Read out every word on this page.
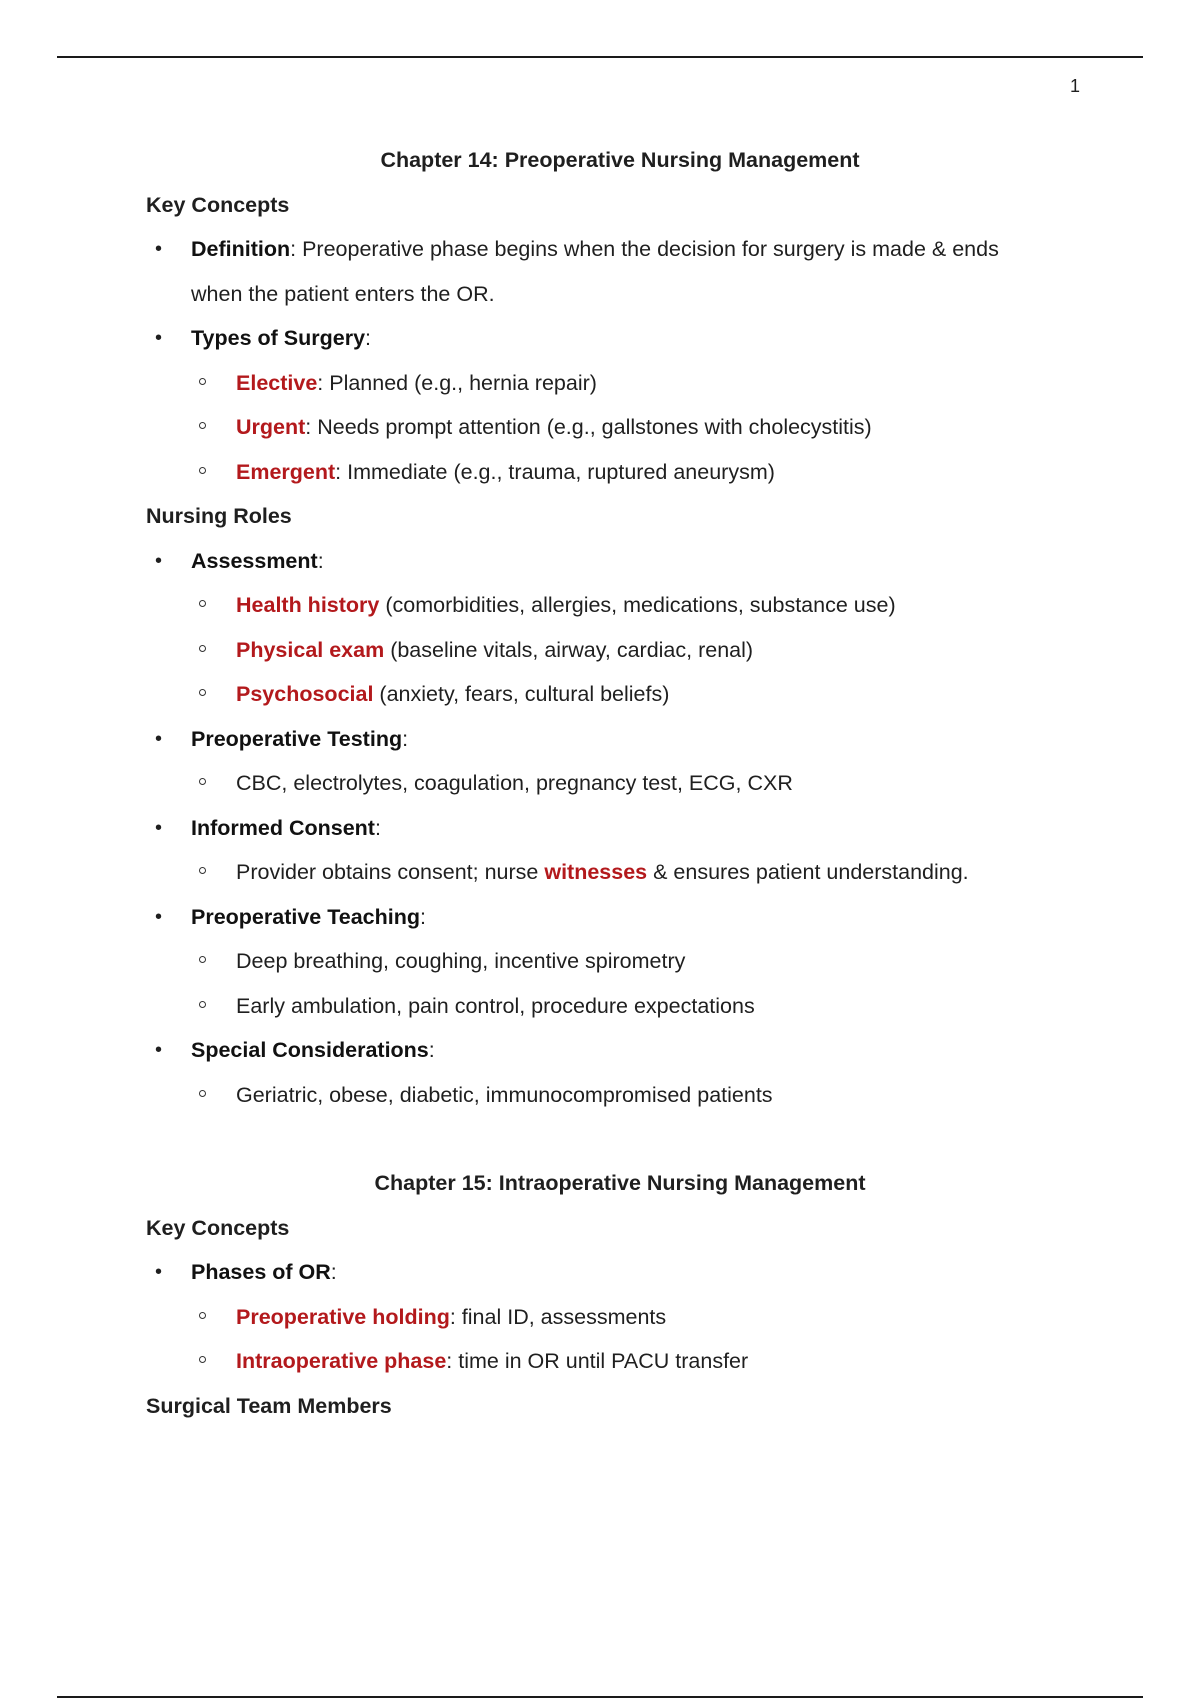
1
Chapter 14: Preoperative Nursing Management
Key Concepts
• Definition: Preoperative phase begins when the decision for surgery is made & ends
when the patient enters the OR.
• Types of Surgery:
Elective: Planned (e.g., hernia repair)
Urgent: Needs prompt attention (e.g., gallstones with cholecystitis)
Emergent: Immediate (e.g., trauma, ruptured aneurysm)
Nursing Roles
• Assessment:
Health history (comorbidities, allergies, medications, substance use)
Physical exam (baseline vitals, airway, cardiac, renal)
Psychosocial (anxiety, fears, cultural beliefs)
• Preoperative Testing:
CBC, electrolytes, coagulation, pregnancy test, ECG, CXR
• Informed Consent:
Provider obtains consent; nurse witnesses & ensures patient understanding.
• Preoperative Teaching:
Deep breathing, coughing, incentive spirometry
Early ambulation, pain control, procedure expectations
• Special Considerations:
Geriatric, obese, diabetic, immunocompromised patients
Chapter 15: Intraoperative Nursing Management
Key Concepts
• Phases of OR:
Preoperative holding: final ID, assessments
Intraoperative phase: time in OR until PACU transfer
Surgical Team Members
